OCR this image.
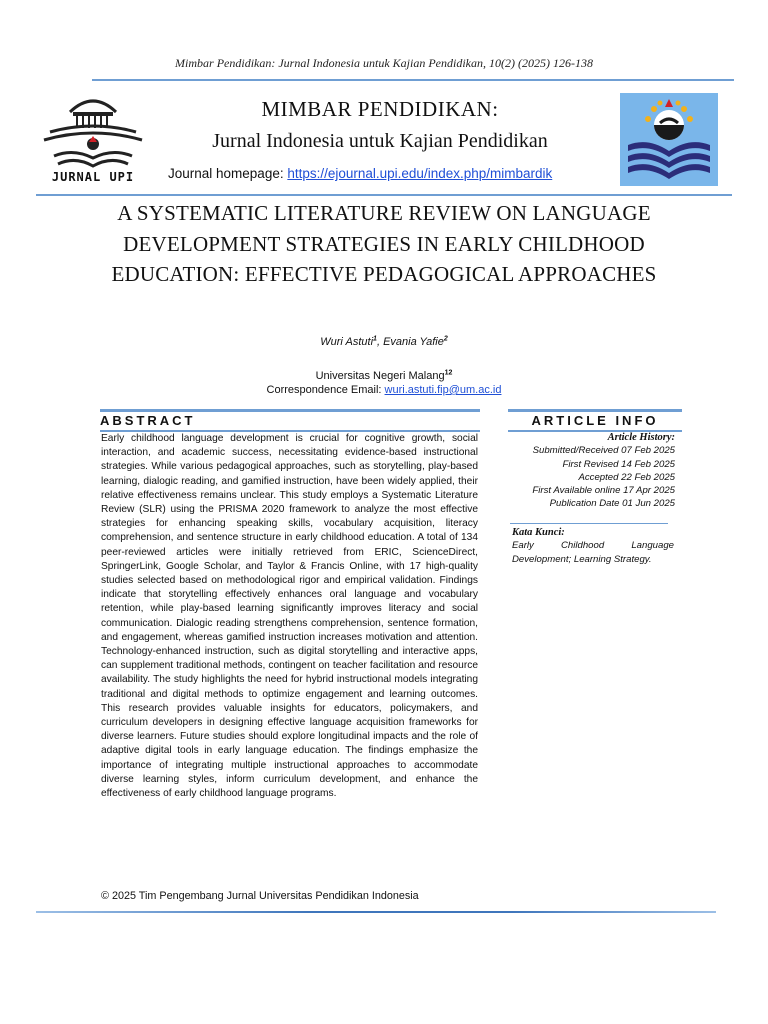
Mimbar Pendidikan: Jurnal Indonesia untuk Kajian Pendidikan, 10(2) (2025) 126-138
JURNAL UPI
MIMBAR PENDIDIKAN:
Jurnal Indonesia untuk Kajian Pendidikan
Journal homepage: https://ejournal.upi.edu/index.php/mimbardik
A SYSTEMATIC LITERATURE REVIEW ON LANGUAGE DEVELOPMENT STRATEGIES IN EARLY CHILDHOOD EDUCATION: EFFECTIVE PEDAGOGICAL APPROACHES
Wuri Astuti$^1$, Evania Yafie$^2$
Universitas Negeri Malang$^{12}$
Correspondence Email: wuri.astuti.fip@um.ac.id
ABSTRACT	ARTICLE INFO
Early childhood language development is crucial for cognitive growth, social interaction, and academic success, necessitating evidence-based instructional strategies. While various pedagogical approaches, such as storytelling, play-based learning, dialogic reading, and gamified instruction, have been widely applied, their relative effectiveness remains unclear. This study employs a Systematic Literature Review (SLR) using the PRISMA 2020 framework to analyze the most effective strategies for enhancing speaking skills, vocabulary acquisition, literacy comprehension, and sentence structure in early childhood education. A total of 134 peer-reviewed articles were initially retrieved from ERIC, ScienceDirect, SpringerLink, Google Scholar, and Taylor & Francis Online, with 17 high-quality studies selected based on methodological rigor and empirical validation. Findings indicate that storytelling effectively enhances oral language and vocabulary retention, while play-based learning significantly improves literacy and social communication. Dialogic reading strengthens comprehension, sentence formation, and engagement, whereas gamified instruction increases motivation and attention. Technology-enhanced instruction, such as digital storytelling and interactive apps, can supplement traditional methods, contingent on teacher facilitation and resource availability. The study highlights the need for hybrid instructional models integrating traditional and digital methods to optimize engagement and learning outcomes. This research provides valuable insights for educators, policymakers, and curriculum developers in designing effective language acquisition frameworks for diverse learners. Future studies should explore longitudinal impacts and the role of adaptive digital tools in early language education. The findings emphasize the importance of integrating multiple instructional approaches to accommodate diverse learning styles, inform curriculum development, and enhance the effectiveness of early childhood language programs.
Article History:
Submitted/Received 07 Feb 2025
First Revised 14 Feb 2025
Accepted 22 Feb 2025
First Available online 17 Apr 2025
Publication Date 01 Jun 2025
Kata Kunci:
Early Childhood Language Development; Learning Strategy.
© 2025 Tim Pengembang Jurnal Universitas Pendidikan Indonesia
